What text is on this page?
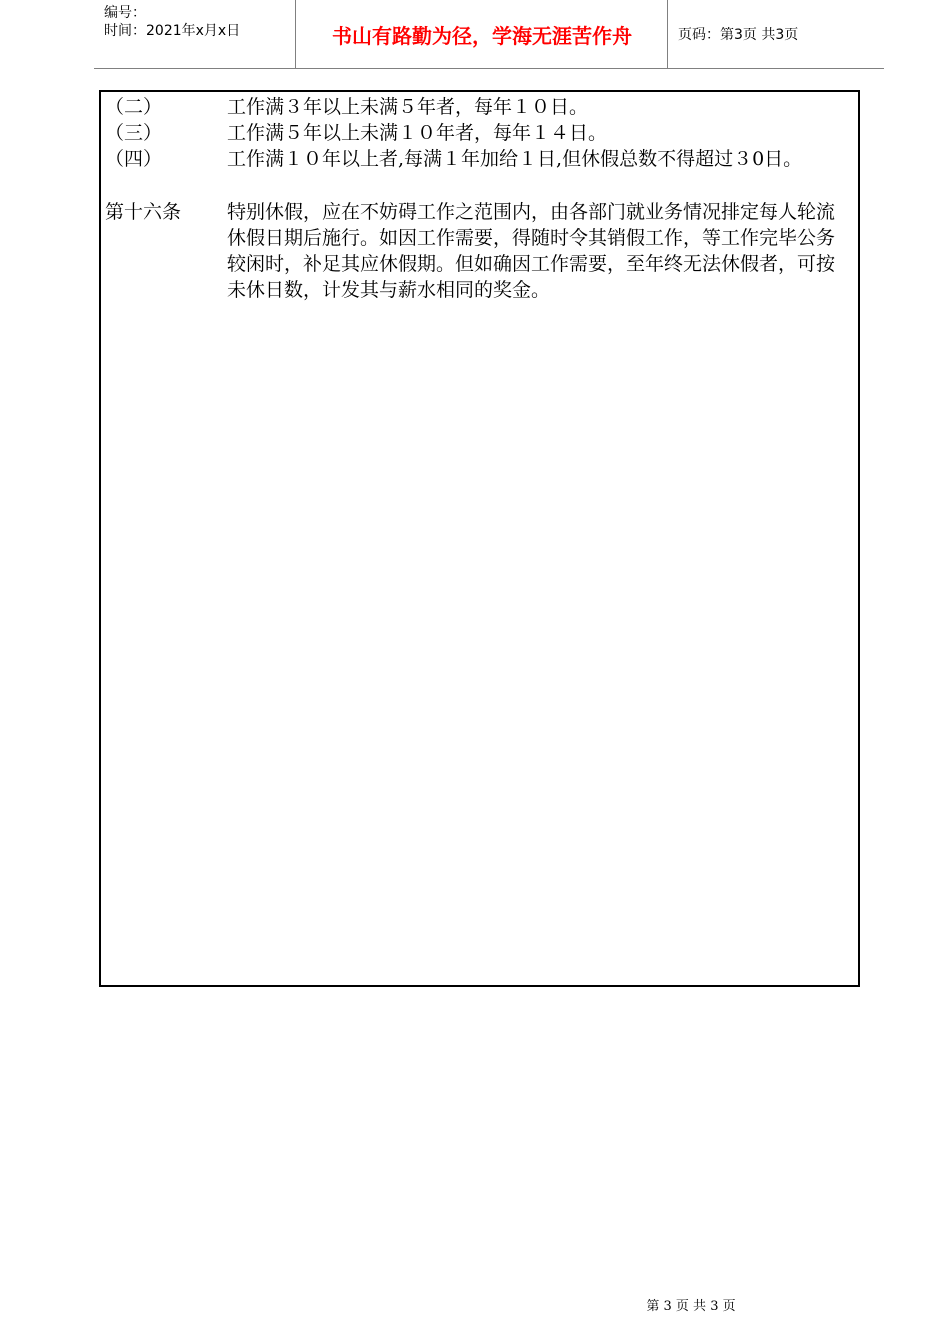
编号：
时间：2021年x月x日	书山有路勤为径，学海无涯苦作舟	页码：第3页 共3页
（二）	工作满３年以上未满５年者，每年１０日。
（三）	工作满５年以上未满１０年者，每年１４日。
（四）	工作满１０年以上者,每满１年加给１日,但休假总数不得超过３0日。
第十六条 特别休假，应在不妨碍工作之范围内，由各部门就业务情况排定每人轮流休假日期后施行。如因工作需要，得随时令其销假工作，等工作完毕公务较闲时，补足其应休假期。但如确因工作需要，至年终无法休假者，可按未休日数，计发其与薪水相同的奖金。
第 3 页 共 3 页
